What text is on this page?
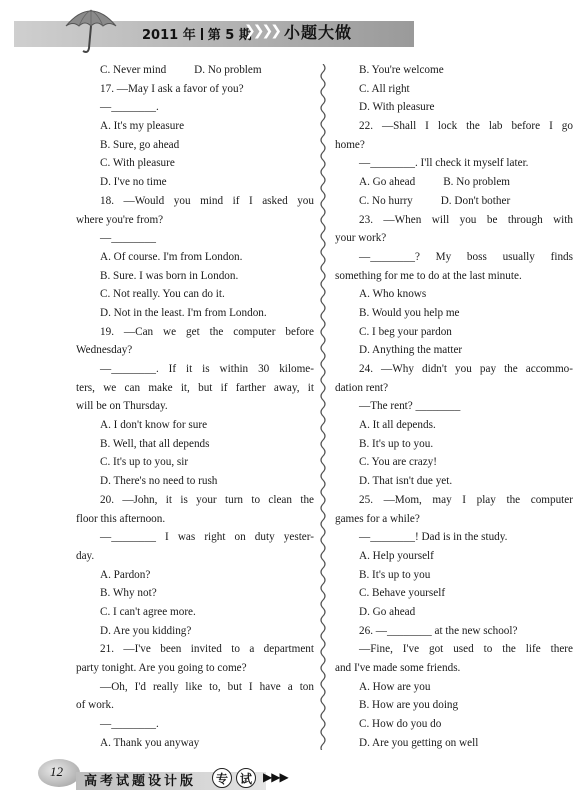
2011 年 第 5 期
❯❯❯❯ 小题大做
C. Never mind          D. No problem
17. —May I ask a favor of you?
—________.
A. It's my pleasure
B. Sure, go ahead
C. With pleasure
D. I've no time
18. —Would you mind if I asked you
where you're from?
—________
A. Of course. I'm from London.
B. Sure. I was born in London.
C. Not really. You can do it.
D. Not in the least. I'm from London.
19. —Can we get the computer before
Wednesday?
—________. If it is within 30 kilome-
ters, we can make it, but if farther away, it
will be on Thursday.
A. I don't know for sure
B. Well, that all depends
C. It's up to you, sir
D. There's no need to rush
20. —John, it is your turn to clean the
floor this afternoon.
—________ I was right on duty yester-
day.
A. Pardon?
B. Why not?
C. I can't agree more.
D. Are you kidding?
21. —I've been invited to a department
party tonight. Are you going to come?
—Oh, I'd really like to, but I have a ton
of work.
—________.
A. Thank you anyway
B. You're welcome
C. All right
D. With pleasure
22. —Shall I lock the lab before I go
home?
—________. I'll check it myself later.
A. Go ahead          B. No problem
C. No hurry          D. Don't bother
23. —When will you be through with
your work?
—________? My boss usually finds
something for me to do at the last minute.
A. Who knows
B. Would you help me
C. I beg your pardon
D. Anything the matter
24. —Why didn't you pay the accommo-
dation rent?
—The rent? ________
A. It all depends.
B. It's up to you.
C. You are crazy!
D. That isn't due yet.
25. —Mom, may I play the computer
games for a while?
—________! Dad is in the study.
A. Help yourself
B. It's up to you
C. Behave yourself
D. Go ahead
26. —________ at the new school?
—Fine, I've got used to the life there
and I've made some friends.
A. How are you
B. How are you doing
C. How do you do
D. Are you getting on well
12
高考试题设计版	专 试 ▶▶▶
